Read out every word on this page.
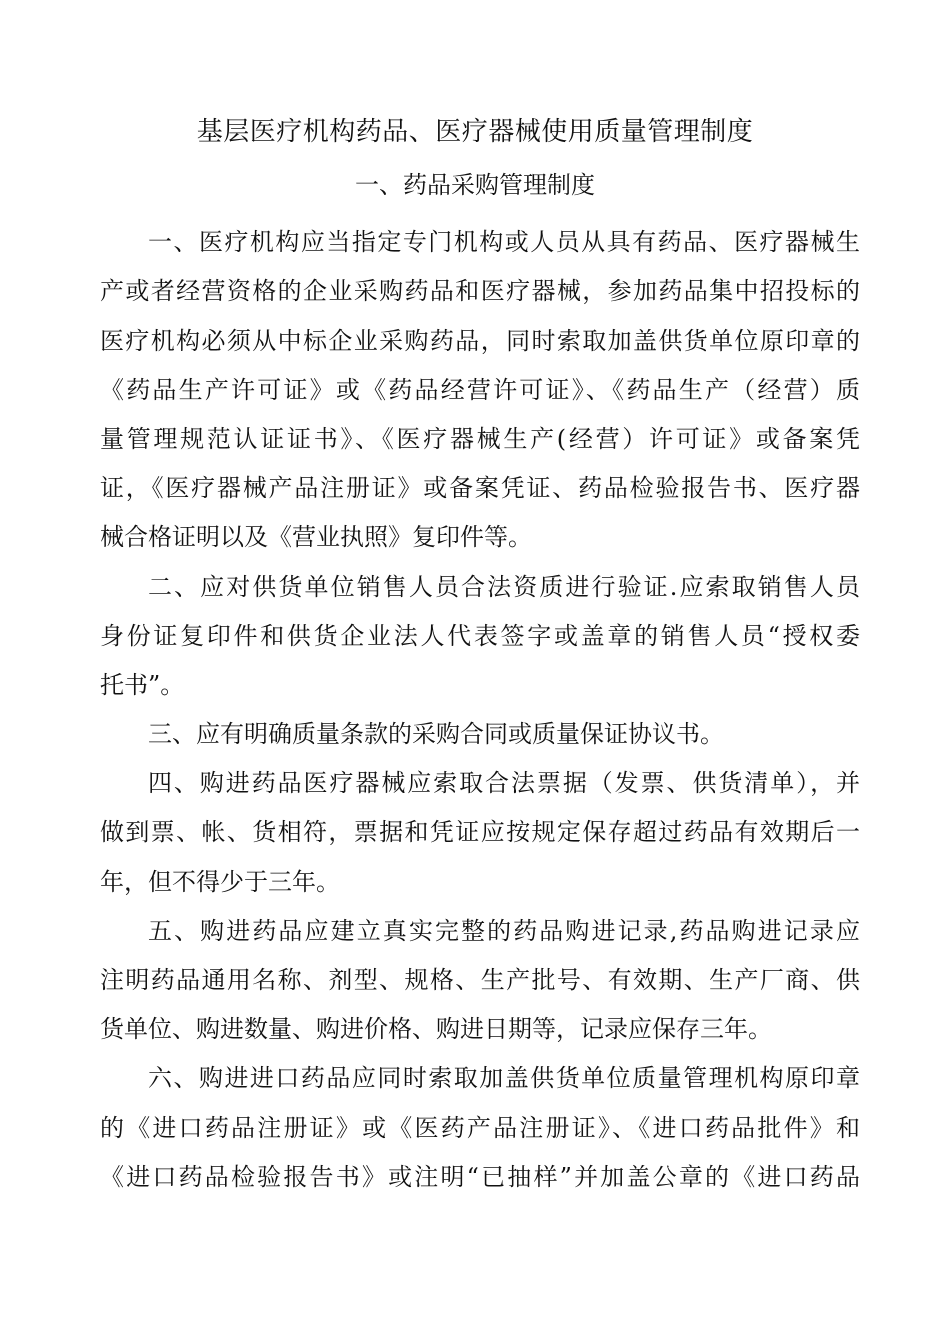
基层医疗机构药品、医疗器械使用质量管理制度
一、药品采购管理制度
一、医疗机构应当指定专门机构或人员从具有药品、医疗器械生
产或者经营资格的企业采购药品和医疗器械，参加药品集中招投标的
医疗机构必须从中标企业采购药品，同时索取加盖供货单位原印章的
《药品生产许可证》或《药品经营许可证》、《药品生产（经营）质
量管理规范认证证书》、《医疗器械生产(经营）许可证》或备案凭
证，《医疗器械产品注册证》或备案凭证、药品检验报告书、医疗器
械合格证明以及《营业执照》复印件等。
二、应对供货单位销售人员合法资质进行验证.应索取销售人员
身份证复印件和供货企业法人代表签字或盖章的销售人员“授权委
托书”。
三、应有明确质量条款的采购合同或质量保证协议书。
四、购进药品医疗器械应索取合法票据（发票、供货清单），并
做到票、帐、货相符，票据和凭证应按规定保存超过药品有效期后一
年，但不得少于三年。
五、购进药品应建立真实完整的药品购进记录,药品购进记录应
注明药品通用名称、剂型、规格、生产批号、有效期、生产厂商、供
货单位、购进数量、购进价格、购进日期等，记录应保存三年。
六、购进进口药品应同时索取加盖供货单位质量管理机构原印章
的《进口药品注册证》或《医药产品注册证》、《进口药品批件》和
《进口药品检验报告书》或注明“已抽样”并加盖公章的《进口药品
